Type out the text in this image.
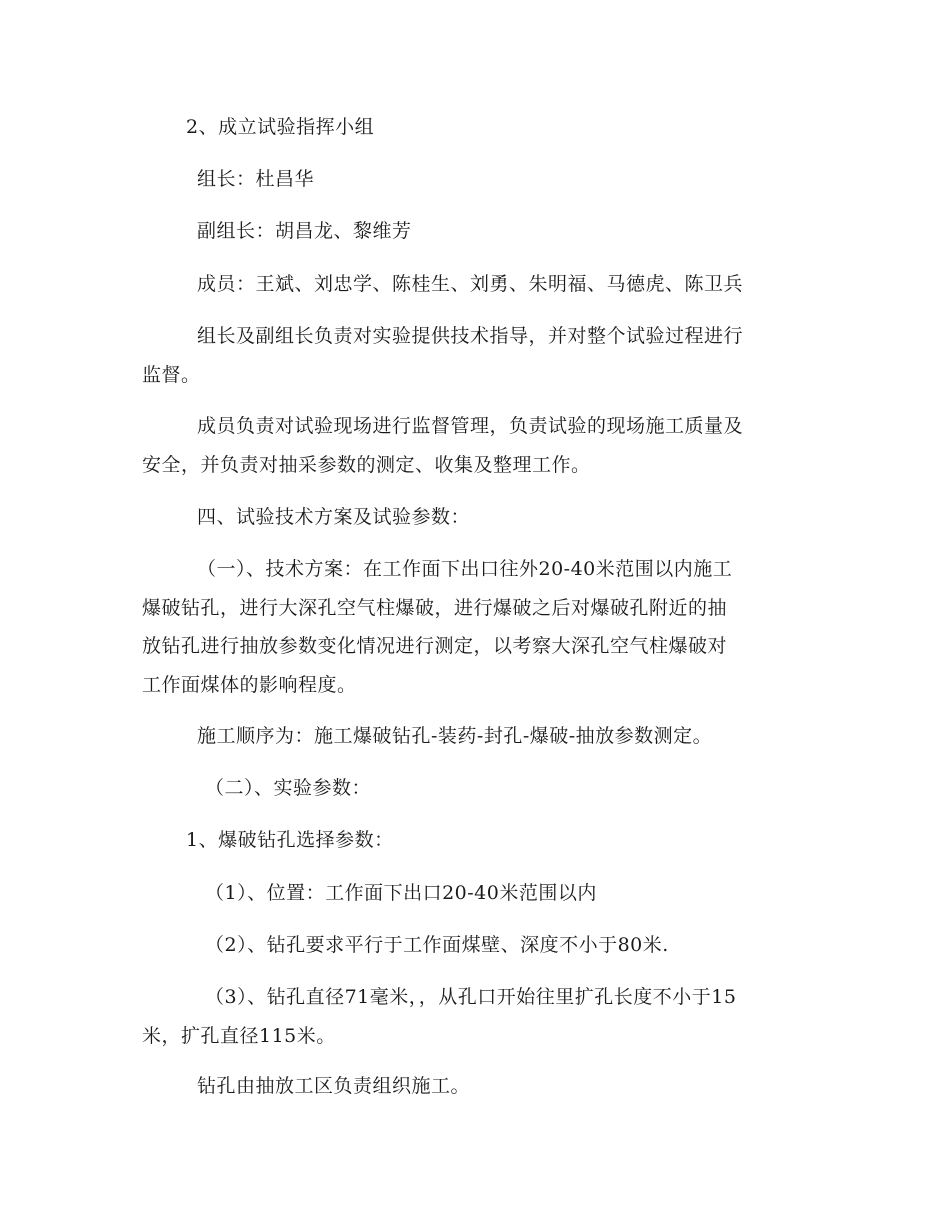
2、成立试验指挥小组
组长：杜昌华
副组长：胡昌龙、黎维芳
成员：王斌、刘忠学、陈桂生、刘勇、朱明福、马德虎、陈卫兵
组长及副组长负责对实验提供技术指导，并对整个试验过程进行
监督。
成员负责对试验现场进行监督管理，负责试验的现场施工质量及
安全，并负责对抽采参数的测定、收集及整理工作。
四、试验技术方案及试验参数：
（一）、技术方案：在工作面下出口往外20-40米范围以内施工
爆破钻孔，进行大深孔空气柱爆破，进行爆破之后对爆破孔附近的抽
放钻孔进行抽放参数变化情况进行测定，以考察大深孔空气柱爆破对
工作面煤体的影响程度。
施工顺序为：施工爆破钻孔-装药-封孔-爆破-抽放参数测定。
（二）、实验参数：
1、爆破钻孔选择参数：
（1）、位置：工作面下出口20-40米范围以内
（2）、钻孔要求平行于工作面煤壁、深度不小于80米.
（3）、钻孔直径71毫米，，从孔口开始往里扩孔长度不小于15
米，扩孔直径115米。
钻孔由抽放工区负责组织施工。
